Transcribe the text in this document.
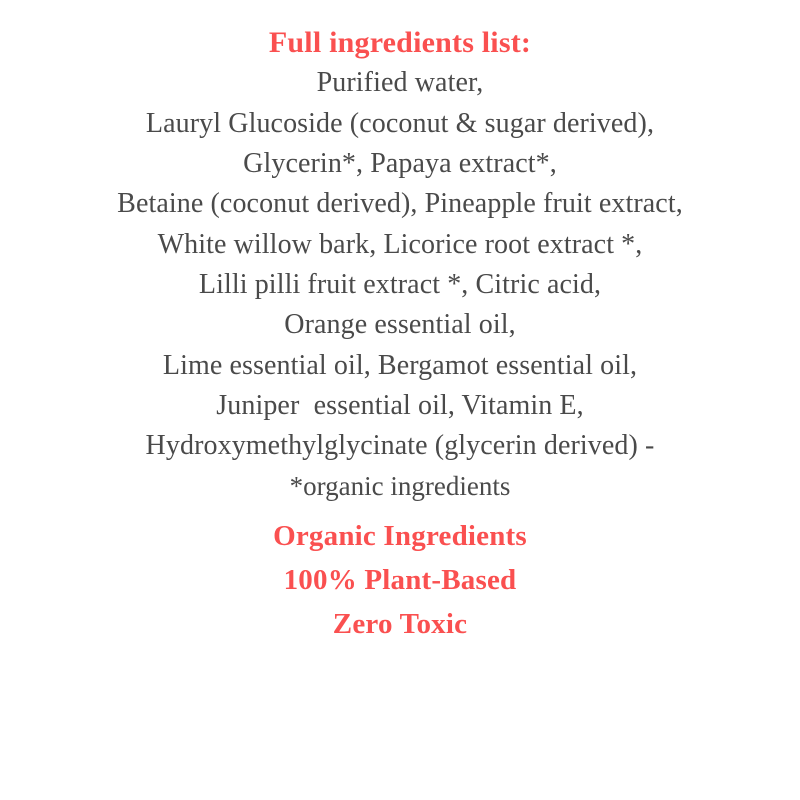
Full ingredients list:
Purified water,
Lauryl Glucoside (coconut & sugar derived),
Glycerin*, Papaya extract*,
Betaine (coconut derived), Pineapple fruit extract,
White willow bark, Licorice root extract *,
Lilli pilli fruit extract *, Citric acid,
Orange essential oil,
Lime essential oil, Bergamot essential oil,
Juniper  essential oil, Vitamin E,
Hydroxymethylglycinate (glycerin derived) -
*organic ingredients
Organic Ingredients
100% Plant-Based
Zero Toxic
